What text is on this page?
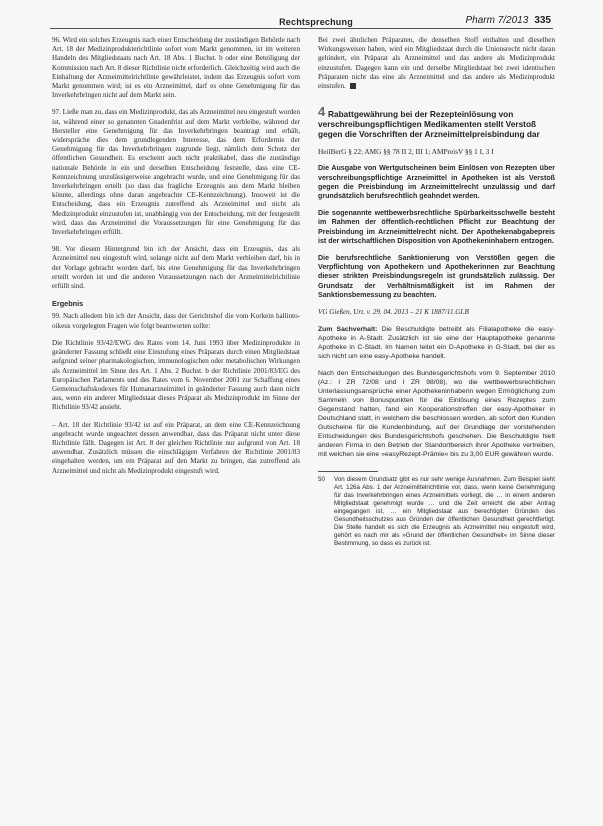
Rechtsprechung	Pharm 7/2013 335

96. Wird ein solches Erzeugnis nach einer Entscheidung der zuständigen Behörde nach Art. 18 der Medizinprodukterichtlinie sofort vom Markt genommen, ist im weiteren Handeln des Mitgliedstaats nach Art. 18 Abs. 1 Buchst. b oder eine Beteiligung der Kommission nach Art. 8 dieser Richtlinie nicht erforderlich. Gleichzeitig wird auch die Einhaltung der Arzneimittelrichtlinie gewährleistet, indem das Erzeugnis sofort vom Markt genommen wird; ist es ein Arzneimittel, darf es ohne Genehmigung für das Inverkehrbringen nicht auf dem Markt sein.

97. Ließe man zu, dass ein Medizinprodukt, das als Arzneimittel neu eingestuft worden ist, während einer so genannten Gnadenfrist auf dem Markt verbleibe, während der Hersteller eine Genehmigung für das Inverkehrbringen beantragt und erhält, widerspräche dies dem grundlegenden Interesse, das dem Erfordernis der Genehmigung für das Inverkehrbringen zugrunde liegt, nämlich dem Schutz der öffentlichen Gesundheit. Es erscheint auch nicht praktikabel, dass die zuständige nationale Behörde in ein und derselben Entscheidung feststelle, dass eine CE-Kennzeichnung unzulässigerweise angebracht wurde, und eine Genehmigung für das Inverkehrbringen erteilt (so dass das fragliche Erzeugnis aus dem Markt bleiben könnte, allerdings ohne daran angebrachte CE-Kennzeichnung). Insoweit ist die Entscheidung, dass ein Erzeugnis zutreffend als Arzneimittel und nicht als Medizinprodukt einzustufen ist, unabhängig von der Entscheidung, mit der festgestellt wird, dass das Arzneimittel die Voraussetzungen für eine Genehmigung für das Inverkehrbringen erfüllt.

98. Vor diesem Hintergrund bin ich der Ansicht, dass ein Erzeugnis, das als Arzneimittel neu eingestuft wird, solange nicht auf dem Markt verbleiben darf, bis in der Vorlage gebracht worden darf, bis eine Genehmigung für das Inverkehrbringen erteilt worden ist und die anderen Voraussetzungen nach der Arzneimittelrichtlinie erfüllt sind.

Ergebnis

99. Nach alledem bin ich der Ansicht, dass der Gerichtshof die vom Korkein hallinto-oikeus vorgelegten Fragen wie folgt beantworten sollte:

Die Richtlinie 93/42/EWG des Rates vom 14. Juni 1993 über Medizinprodukte in geänderter Fassung schließt eine Einstufung eines Präparats durch einen Mitgliedstaat aufgrund seiner pharmakologischen, immunologischen oder metabolischen Wirkungen als Arzneimittel im Sinne des Art. 1 Abs. 2 Buchst. b der Richtlinie 2001/83/EG des Europäischen Parlaments und des Rates vom 6. November 2001 zur Schaffung eines Gemeinschaftskodexes für Humanarzneimittel in geänderter Fassung auch dann nicht aus, wenn ein anderer Mitgliedstaat dieses Präparat als Medizinprodukt im Sinne der Richtlinie 93/42 ansieht.

– Art. 18 der Richtlinie 93/42 ist auf ein Präparat, an dem eine CE-Kennzeichnung angebracht wurde ungeachtet dessen anwendbar, dass das Präparat nicht unter diese Richtlinie fällt. Dagegen ist Art. 8 der gleichen Richtlinie nur aufgrund von Art. 18 anwendbar. Zusätzlich müssen die einschlägigen Verfahren der Richtlinie 2001/83 eingehalten werden, um ein Präparat auf den Markt zu bringen, das zutreffend als Arzneimittel und nicht als Medizinprodukt eingestuft wird.

Bei zwei ähnlichen Präparaten, die denselben Stoff enthalten und dieselben Wirkungsweisen haben, wird ein Mitgliedstaat durch die Unionsrecht nicht daran gehindert, ein Präparat als Arzneimittel und das andere als Medizinprodukt einzustufen. Dagegen kann ein und derselbe Mitgliedstaat bei zwei identischen Präparaten nicht das eine als Arzneimittel und das andere als Medizinprodukt einstufen.

4 Rabattgewährung bei der Rezepteinlösung von verschreibungspflichtigen Medikamenten stellt Verstoß gegen die Vorschriften der Arzneimittelpreisbindung dar
HeilBerG § 22; AMG §§ 78 II 2, III 1; AMPreisV §§ 1 I, 3 I

Die Ausgabe von Wertgutscheinen beim Einlösen von Rezepten über verschreibungspflichtige Arzneimittel in Apotheken ist als Verstoß gegen die Preisbindung im Arzneimittelrecht unzulässig und darf grundsätzlich berufsrechtlich geahndet werden.

Die sogenannte wettbewerbsrechtliche Spürbarkeitsschwelle besteht im Rahmen der öffentlich-rechtlichen Pflicht zur Beachtung der Preisbindung im Arzneimittelrecht nicht. Der Apothekenabgabepreis ist der wirtschaftlichen Disposition von Apothekeninhabern entzogen.

Die berufsrechtliche Sanktionierung von Verstößen gegen die Verpflichtung von Apothekern und Apothekerinnen zur Beachtung dieser strikten Preisbindungsregeln ist grundsätzlich zulässig. Der Grundsatz der Verhältnismäßigkeit ist im Rahmen der Sanktionsbemessung zu beachten.

VG Gießen, Urt. v. 29. 04. 2013 – 21 K 1887/11.GI.B

Zum Sachverhalt: Die Beschuldigte betreibt als Filialapotheke die easy-Apotheke in A-Stadt. Zusätzlich ist sie eine der Hauptapotheke genannte Apotheke in C-Stadt. Im Namen leitet ein D-Apotheke in G-Stadt, bei der es sich nicht um eine easy-Apotheke handelt.

Nach den Entscheidungen des Bundesgerichtshofs vom 9. September 2010 (Az.: I ZR 72/08 und I ZR 98/08), wo die wettbewerbsrechtlichen Unterlassungsansprüche einer Apothekeninhaberin wegen Ermöglichung zum Sammeln von Bonuspunkten für die Einlösung eines Rezeptes zum Gegenstand hatten, fand ein Kooperationstreffen der easy-Apotheker in Deutschland statt, in welchem die beschlossen worden, ab sofort den Kunden Gutscheine für die Kundenbindung, auf der Grundlage der vorstehenden Entscheidungen des Bundesgerichtshofs geschehen. Die Beschuldigte hielt anderen Firma in den Betrieb der Standortbereich ihrer Apotheke vertreiben, mit welchen sie eine »easyRezept-Prämie« bis zu 3,00 EUR gewähren wurde.

50	Von diesem Grundsatz gibt es nur sehr wenige Ausnahmen. Zum Beispiel sieht Art. 126a Abs. 1 der Arzneimittelrichtlinie vor, dass, wenn keine Genehmigung für das Inverkehrbringen eines Arzneimittels vorliegt, die … in einem anderen Mitgliedstaat genehmigt wurde … und die Zeit erreicht die aber Antrag eingegangen ist, … ein Mitgliedstaat aus berechtigten Gründen des Gesundheitsschutzes aus Gründen der öffentlichen Gesundheit gerechtfertigt. Die Stelle handelt es sich die Erzeugnis als Arzneimittel neu eingestuft wird, gehört es nach mir als »Grund der öffentlichen Gesundheit« im Sinne dieser Bestimmung, so dass es zurück ist.
